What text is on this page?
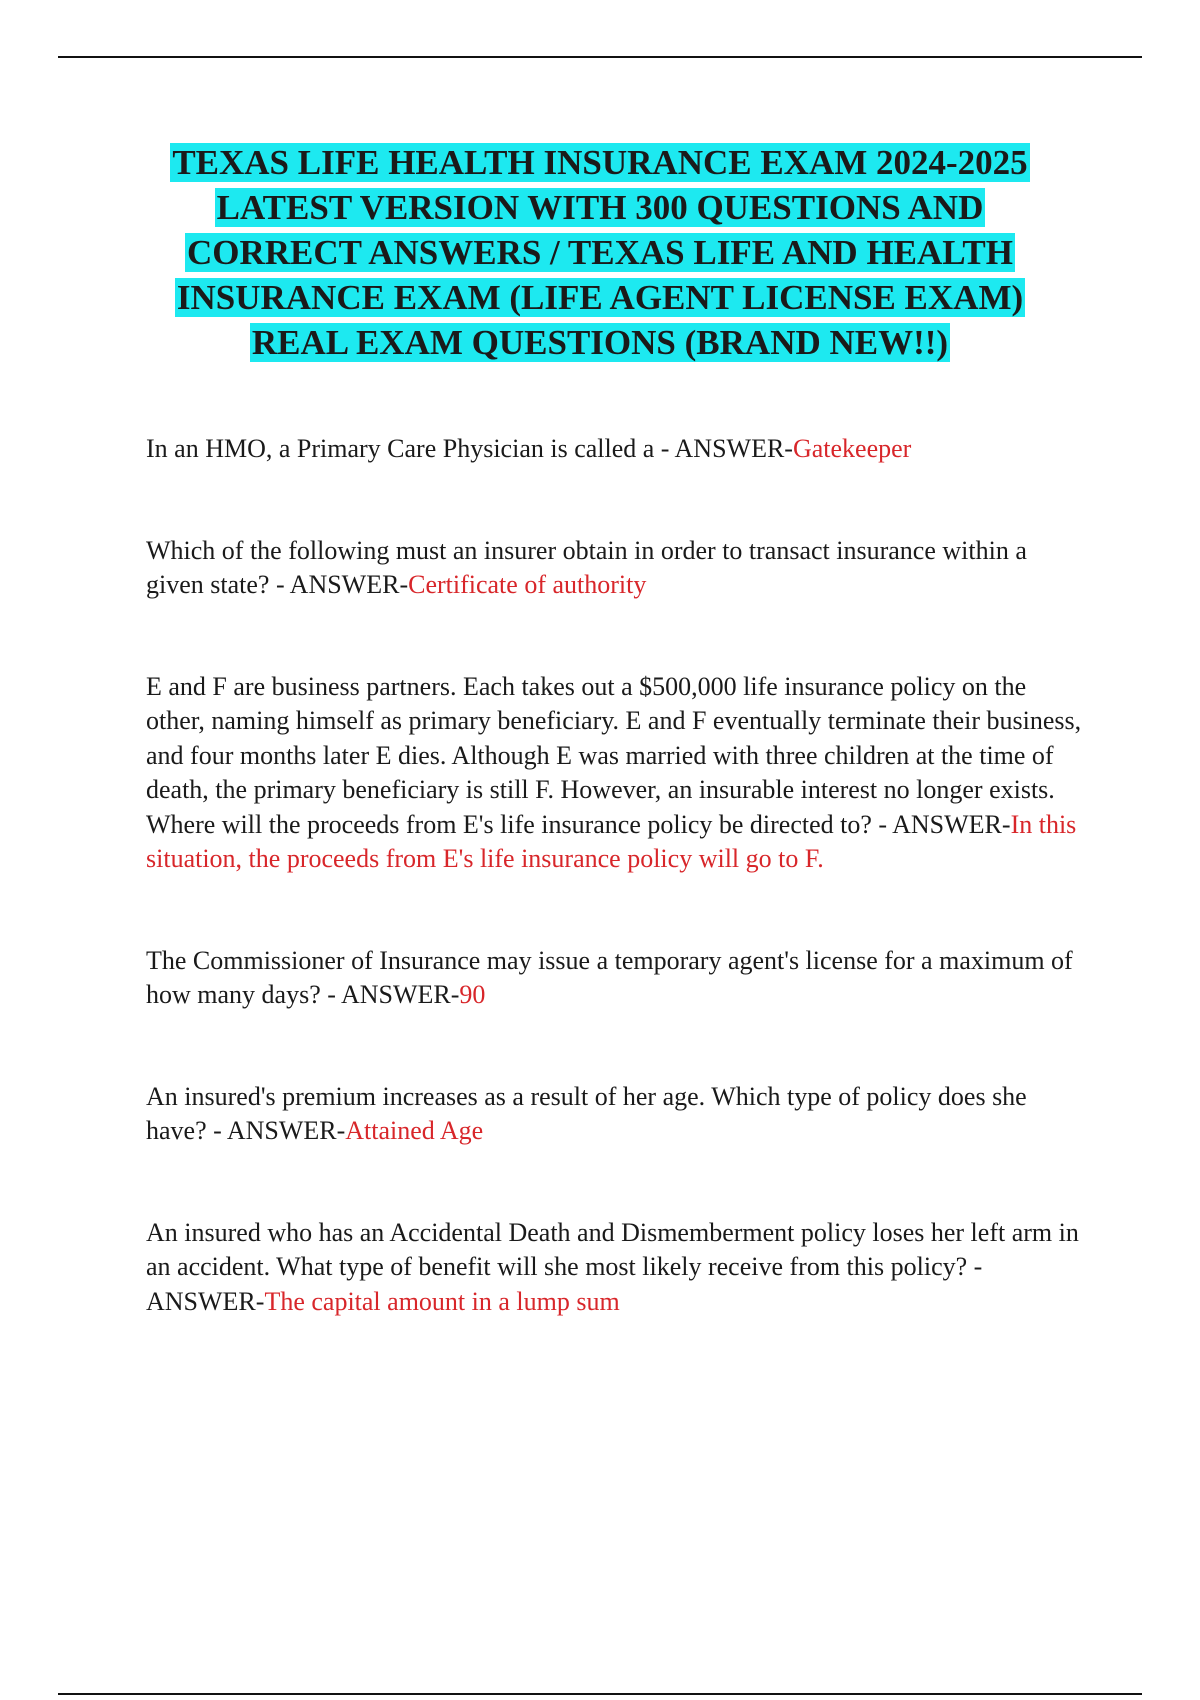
TEXAS LIFE HEALTH INSURANCE EXAM 2024-2025
LATEST VERSION WITH 300 QUESTIONS AND
CORRECT ANSWERS / TEXAS LIFE AND HEALTH
INSURANCE EXAM (LIFE AGENT LICENSE EXAM)
REAL EXAM QUESTIONS (BRAND NEW!!)

In an HMO, a Primary Care Physician is called a - ANSWER-Gatekeeper

Which of the following must an insurer obtain in order to transact insurance within a given state? - ANSWER-Certificate of authority

E and F are business partners. Each takes out a $500,000 life insurance policy on the other, naming himself as primary beneficiary. E and F eventually terminate their business, and four months later E dies. Although E was married with three children at the time of death, the primary beneficiary is still F. However, an insurable interest no longer exists. Where will the proceeds from E's life insurance policy be directed to? - ANSWER-In this situation, the proceeds from E's life insurance policy will go to F.

The Commissioner of Insurance may issue a temporary agent's license for a maximum of how many days? - ANSWER-90

An insured's premium increases as a result of her age. Which type of policy does she have? - ANSWER-Attained Age

An insured who has an Accidental Death and Dismemberment policy loses her left arm in an accident. What type of benefit will she most likely receive from this policy? - ANSWER-The capital amount in a lump sum
